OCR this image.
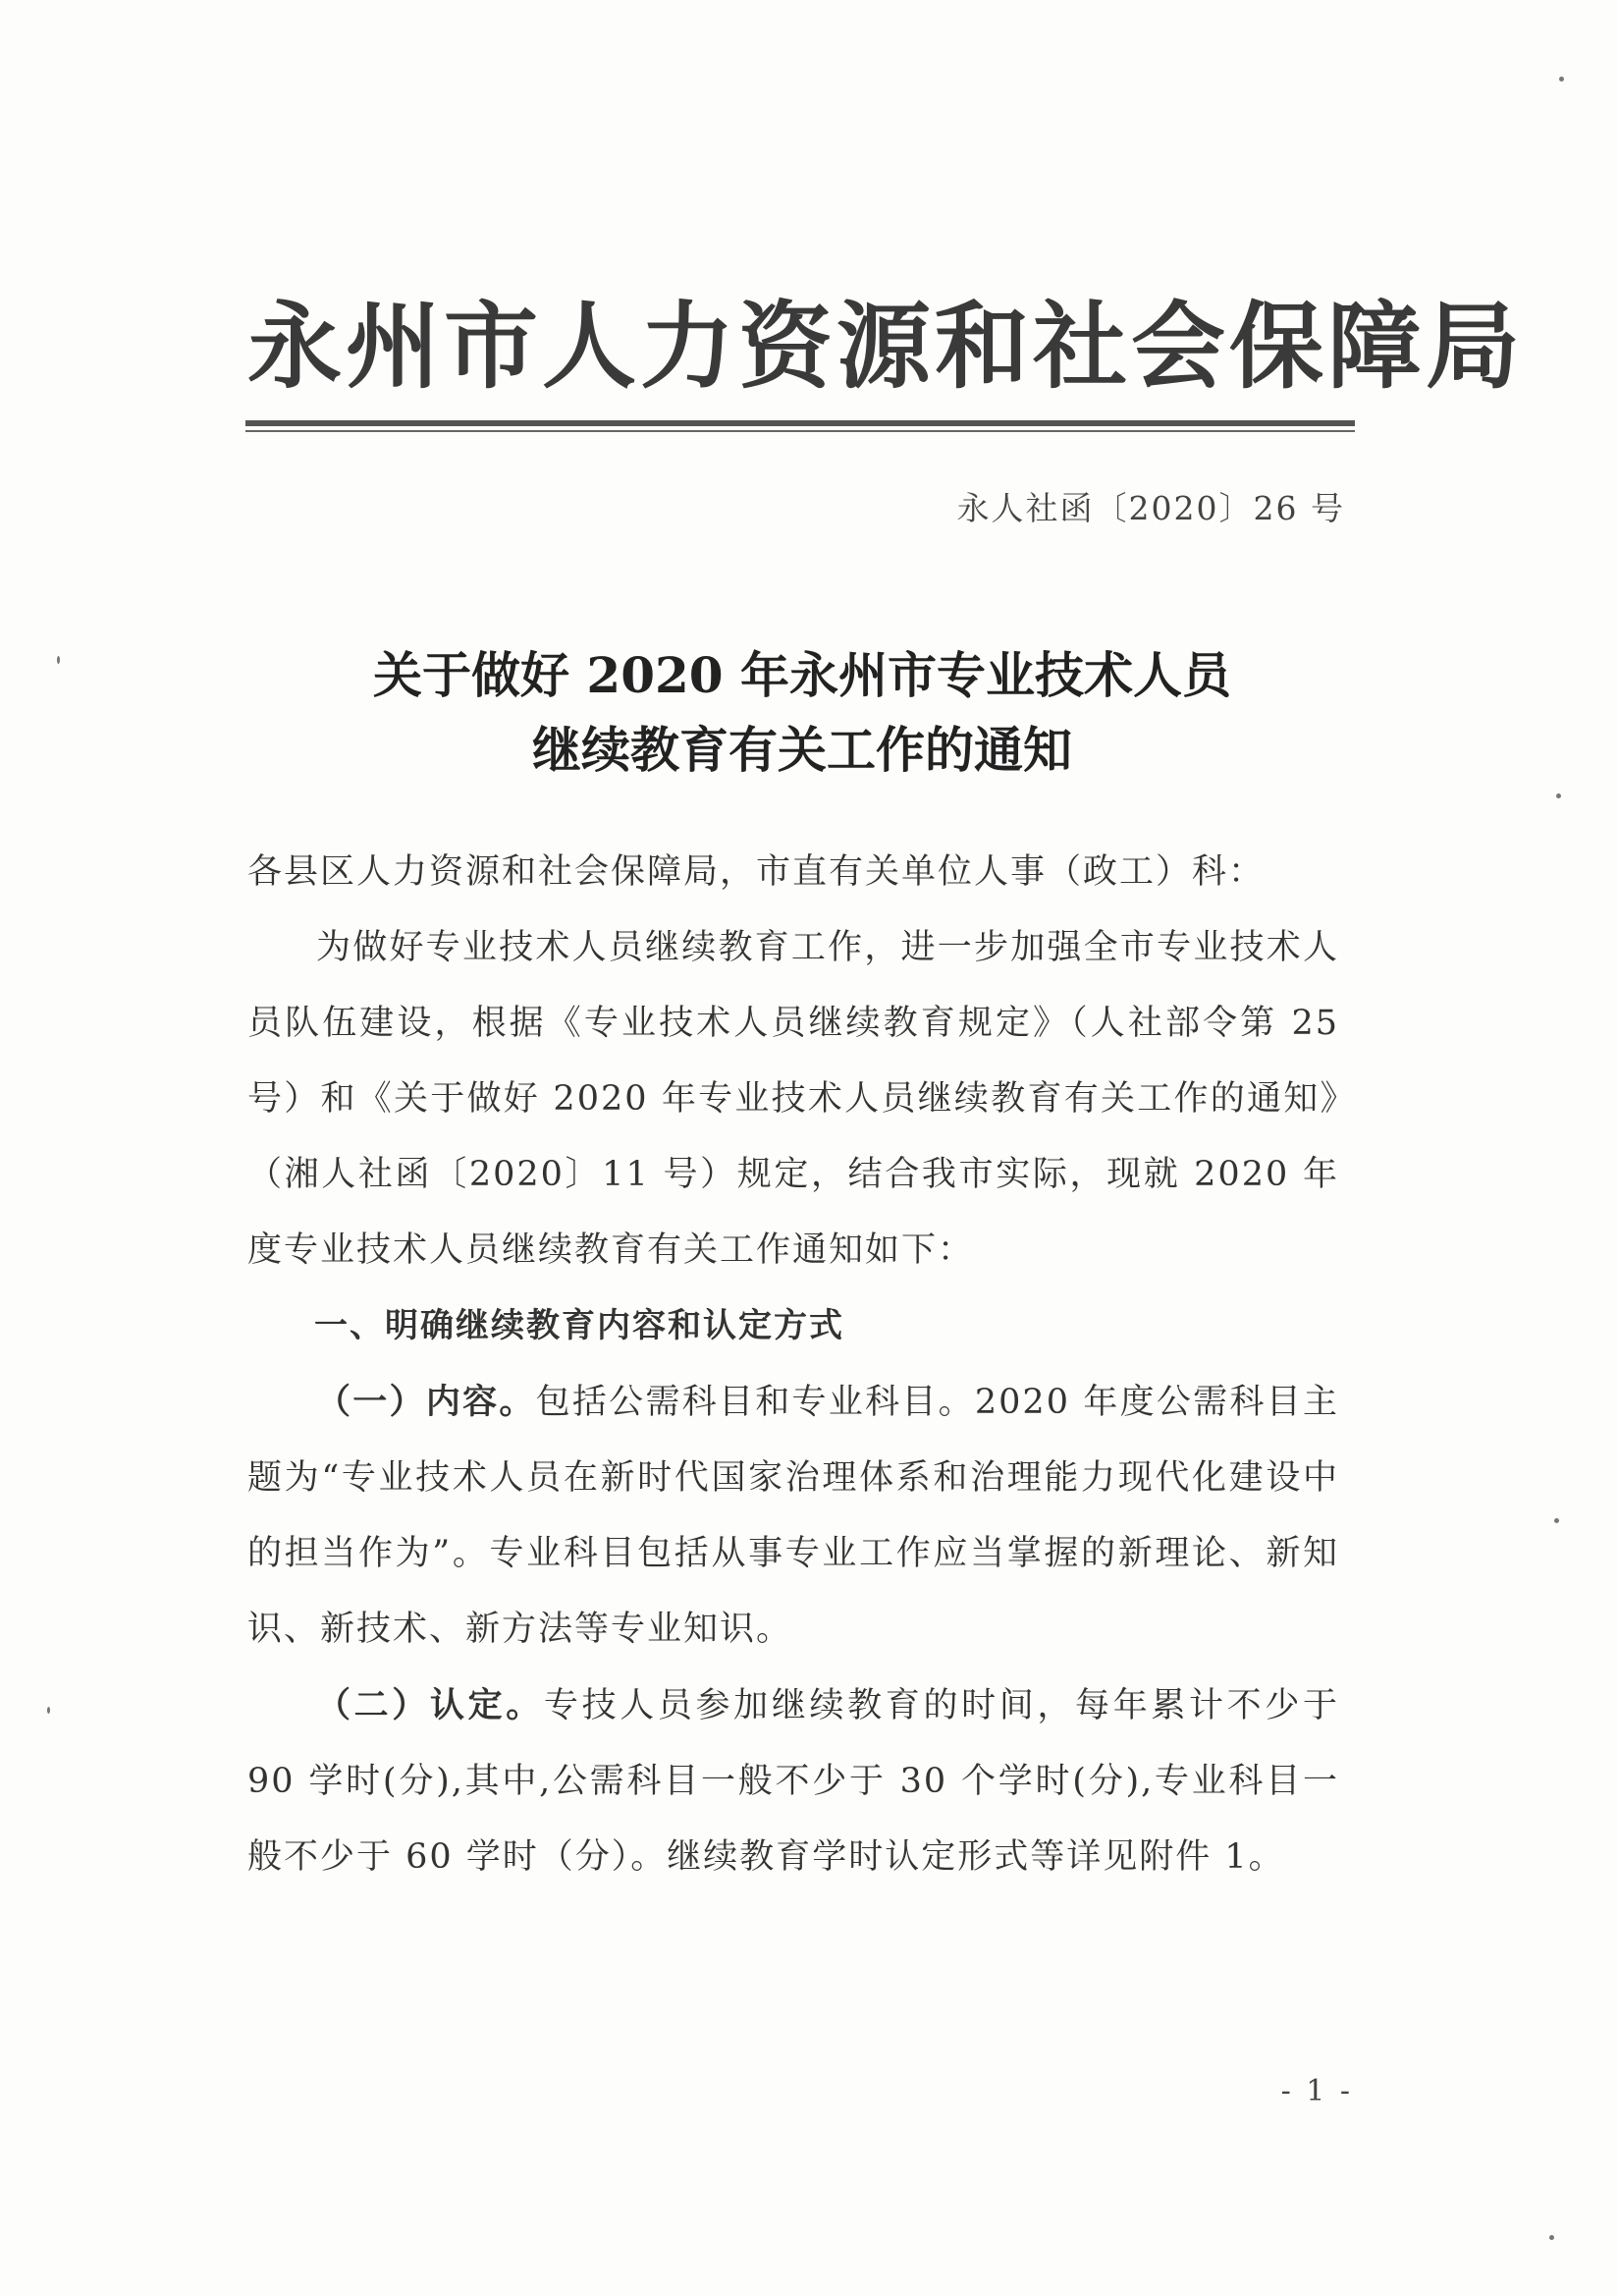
永州市人力资源和社会保障局
永人社函〔2020〕26 号
关于做好 2020 年永州市专业技术人员
继续教育有关工作的通知

各县区人力资源和社会保障局，市直有关单位人事（政工）科：

为做好专业技术人员继续教育工作，进一步加强全市专业技术人员队伍建设，根据《专业技术人员继续教育规定》（人社部令第 25 号）和《关于做好 2020 年专业技术人员继续教育有关工作的通知》（湘人社函〔2020〕11 号）规定，结合我市实际，现就 2020 年度专业技术人员继续教育有关工作通知如下：

一、明确继续教育内容和认定方式

（一）内容。包括公需科目和专业科目。2020 年度公需科目主题为“专业技术人员在新时代国家治理体系和治理能力现代化建设中的担当作为”。专业科目包括从事专业工作应当掌握的新理论、新知识、新技术、新方法等专业知识。

（二）认定。专技人员参加继续教育的时间，每年累计不少于 90 学时(分),其中,公需科目一般不少于 30 个学时(分),专业科目一般不少于 60 学时（分）。继续教育学时认定形式等详见附件 1。

- 1 -
